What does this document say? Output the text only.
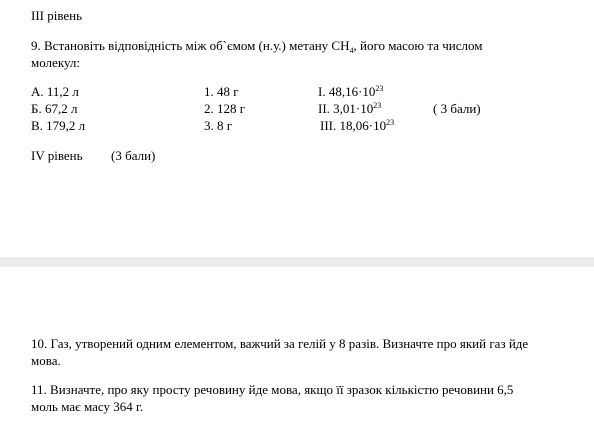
III рівень
9. Встановіть відповідність між об`ємом (н.у.) метану $CH_4$, його масою та числом
молекул:
А. 11,2 л
Б. 67,2 л
В. 179,2 л
1. 48 г
2. 128 г
3. 8 г
I. $48,16\cdot 10^{23}$
II. $3,01\cdot 10^{23}$
III. $18,06\cdot 10^{23}$
( 3 бали)
IV рівень (3 бали)
10. Газ, утворений одним елементом, важчий за гелій у 8 разів. Визначте про який газ йде
мова.
11. Визначте, про яку просту речовину йде мова, якщо її зразок кількістю речовини 6,5
моль має масу 364 г.
